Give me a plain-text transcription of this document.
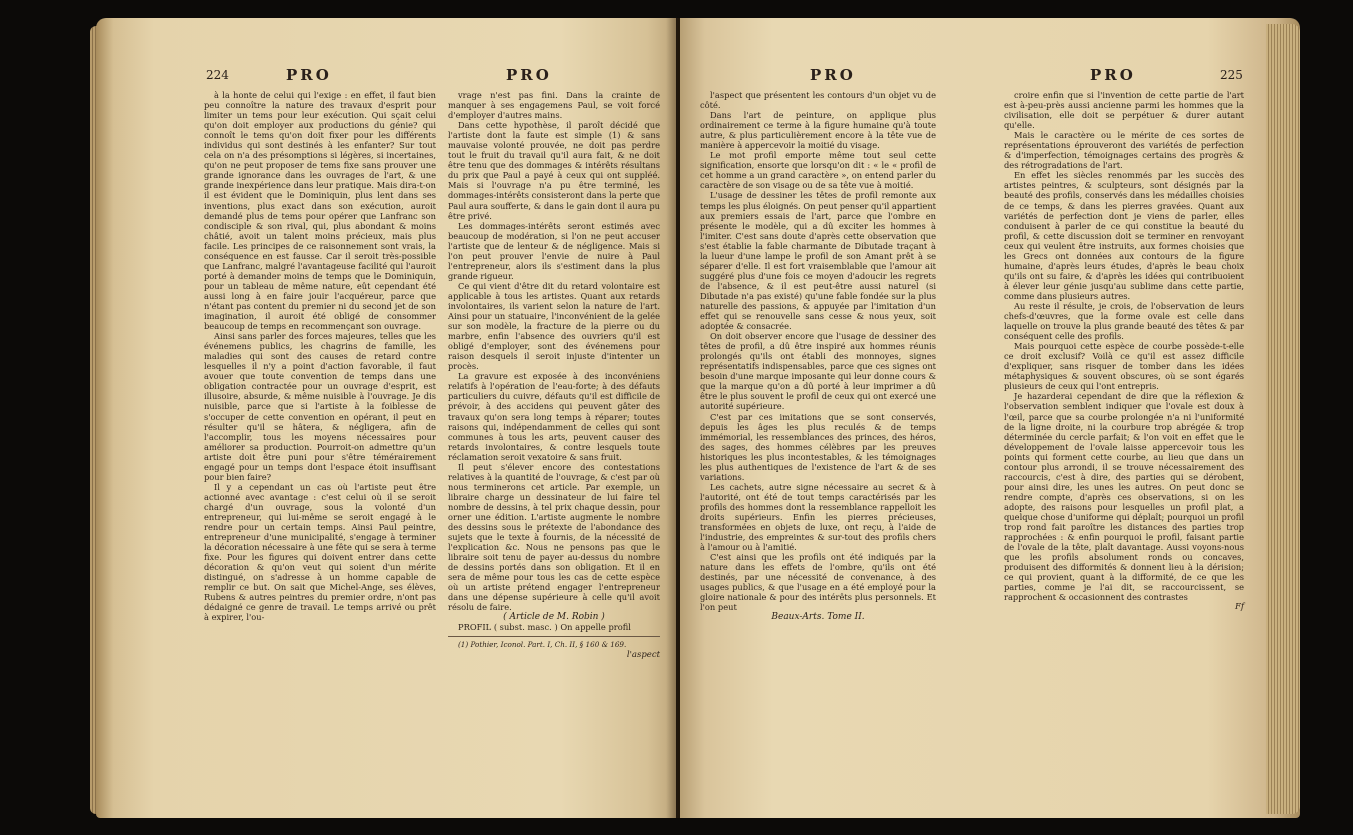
224	PRO	PRO

à la honte de celui qui l'exige : en effet, il faut bien peu connoître la nature des travaux d'esprit pour limiter un tems pour leur exécution. Qui sçait celui qu'on doit employer aux productions du génie? qui connoît le tems qu'on doit fixer pour les différents individus qui sont destinés à les enfanter? Sur tout cela on n'a des présomptions si légères, si incertaines, qu'on ne peut proposer de tems fixe sans prouver une grande ignorance dans les ouvrages de l'art, & une grande inexpérience dans leur pratique. Mais dira-t-on il est évident que le Dominiquin, plus lent dans ses inventions, plus exact dans son exécution, auroit demandé plus de tems pour opérer que Lanfranc son condisciple & son rival, qui, plus abondant & moins châtié, avoit un talent moins précieux, mais plus facile. Les principes de ce raisonnement sont vrais, la conséquence en est fausse. Car il seroit très-possible que Lanfranc, malgré l'avantageuse facilité qui l'auroit porté à demander moins de temps que le Dominiquin, pour un tableau de même nature, eût cependant été aussi long à en faire jouir l'acquéreur, parce que n'étant pas content du premier ni du second jet de son imagination, il auroit été obligé de consommer beaucoup de temps en recommençant son ouvrage.

Ainsi sans parler des forces majeures, telles que les événemens publics, les chagrins de famille, les maladies qui sont des causes de retard contre lesquelles il n'y a point d'action favorable, il faut avouer que toute convention de temps dans une obligation contractée pour un ouvrage d'esprit, est illusoire, absurde, & même nuisible à l'ouvrage. Je dis nuisible, parce que si l'artiste à la foiblesse de s'occuper de cette convention en opérant, il peut en résulter qu'il se hâtera, & négligera, afin de l'accomplir, tous les moyens nécessaires pour améliorer sa production. Pourroit-on admettre qu'un artiste doit être puni pour s'être témérairement engagé pour un temps dont l'espace étoit insuffisant pour bien faire?

Il y a cependant un cas où l'artiste peut être actionné avec avantage : c'est celui où il se seroit chargé d'un ouvrage, sous la volonté d'un entrepreneur, qui lui-même se seroit engagé à le rendre pour un certain temps. Ainsi Paul peintre, entrepreneur d'une municipalité, s'engage à terminer la décoration nécessaire à une fête qui se sera à terme fixe. Pour les figures qui doivent entrer dans cette décoration & qu'on veut qui soient d'un mérite distingué, on s'adresse à un homme capable de remplir ce but. On sait que Michel-Ange, ses élèves, Rubens & autres peintres du premier ordre, n'ont pas dédaigné ce genre de travail. Le temps arrivé ou prêt à expirer, l'ou-

vrage n'est pas fini. Dans la crainte de manquer à ses engagemens Paul, se voit forcé d'employer d'autres mains.

Dans cette hypothèse, il paroît décidé que l'artiste dont la faute est simple (1) & sans mauvaise volonté prouvée, ne doit pas perdre tout le fruit du travail qu'il aura fait, & ne doit être tenu que des dommages & intérêts résultans du prix que Paul a payé à ceux qui ont suppléé. Mais si l'ouvrage n'a pu être terminé, les dommages-intérêts consisteront dans la perte que Paul aura soufferte, & dans le gain dont il aura pu être privé.

Les dommages-intérêts seront estimés avec beaucoup de modération, si l'on ne peut accuser l'artiste que de lenteur & de négligence. Mais si l'on peut prouver l'envie de nuire à Paul l'entrepreneur, alors ils s'estiment dans la plus grande rigueur.

Ce qui vient d'être dit du retard volontaire est applicable à tous les artistes. Quant aux retards involontaires, ils varient selon la nature de l'art. Ainsi pour un statuaire, l'inconvénient de la gelée sur son modèle, la fracture de la pierre ou du marbre, enfin l'absence des ouvriers qu'il est obligé d'employer, sont des événemens pour raison desquels il seroit injuste d'intenter un procès.

La gravure est exposée à des inconvéniens relatifs à l'opération de l'eau-forte; à des défauts particuliers du cuivre, défauts qu'il est difficile de prévoir, à des accidens qui peuvent gâter des travaux qu'on sera long temps à réparer; toutes raisons qui, indépendamment de celles qui sont communes à tous les arts, peuvent causer des retards involontaires, & contre lesquels toute réclamation seroit vexatoire & sans fruit.

Il peut s'élever encore des contestations relatives à la quantité de l'ouvrage, & c'est par où nous terminerons cet article. Par exemple, un libraire charge un dessinateur de lui faire tel nombre de dessins, à tel prix chaque dessin, pour orner une édition. L'artiste augmente le nombre des dessins sous le prétexte de l'abondance des sujets que le texte à fournis, de la nécessité de l'explication &c. Nous ne pensons pas que le libraire soit tenu de payer au-dessus du nombre de dessins portés dans son obligation. Et il en sera de même pour tous les cas de cette espèce où un artiste prétend engager l'entrepreneur dans une dépense supérieure à celle qu'il avoit résolu de faire.

( Article de M. Robin )

PROFIL ( subst. masc. ) On appelle profil

(1) Pothier, Iconol. Part. I, Ch. II, § 160 & 169.

l'aspect

PRO	PRO	225

l'aspect que présentent les contours d'un objet vu de côté.

Dans l'art de peinture, on applique plus ordinairement ce terme à la figure humaine qu'à toute autre, & plus particulièrement encore à la tête vue de manière à appercevoir la moitié du visage.

Le mot profil emporte même tout seul cette signification, ensorte que lorsqu'on dit : « le « profil de cet homme a un grand caractère », on entend parler du caractère de son visage ou de sa tête vue à moitié.

L'usage de dessiner les têtes de profil remonte aux temps les plus éloignés. On peut penser qu'il appartient aux premiers essais de l'art, parce que l'ombre en présente le modèle, qui a dû exciter les hommes à l'imiter. C'est sans doute d'après cette observation que s'est établie la fable charmante de Dibutade traçant à la lueur d'une lampe le profil de son Amant prêt à se séparer d'elle. Il est fort vraisemblable que l'amour ait suggéré plus d'une fois ce moyen d'adoucir les regrets de l'absence, & il est peut-être aussi naturel (si Dibutade n'a pas existé) qu'une fable fondée sur la plus naturelle des passions, & appuyée par l'imitation d'un effet qui se renouvelle sans cesse & nous yeux, soit adoptée & consacrée.

On doit observer encore que l'usage de dessiner des têtes de profil, a dû être inspiré aux hommes réunis prolongés qu'ils ont établi des monnoyes, signes représentatifs indispensables, parce que ces signes ont besoin d'une marque imposante qui leur donne cours & que la marque qu'on a dû porté à leur imprimer a dû être le plus souvent le profil de ceux qui ont exercé une autorité supérieure.

C'est par ces imitations que se sont conservés, depuis les âges les plus reculés & de temps immémorial, les ressemblances des princes, des héros, des sages, des hommes célèbres par les preuves historiques les plus incontestables, & les témoignages les plus authentiques de l'existence de l'art & de ses variations.

Les cachets, autre signe nécessaire au secret & à l'autorité, ont été de tout temps caractérisés par les profils des hommes dont la ressemblance rappelloit les droits supérieurs. Enfin les pierres précieuses, transformées en objets de luxe, ont reçu, à l'aide de l'industrie, des empreintes & sur-tout des profils chers à l'amour ou à l'amitié.

C'est ainsi que les profils ont été indiqués par la nature dans les effets de l'ombre, qu'ils ont été destinés, par une nécessité de convenance, à des usages publics, & que l'usage en a été employé pour la gloire nationale & pour des intérêts plus personnels. Et l'on peut

Beaux-Arts. Tome II.

croire enfin que si l'invention de cette partie de l'art est à-peu-près aussi ancienne parmi les hommes que la civilisation, elle doit se perpétuer & durer autant qu'elle.

Mais le caractère ou le mérite de ces sortes de représentations éprouveront des variétés de perfection & d'imperfection, témoignages certains des progrès & des rétrogradations de l'art.

En effet les siècles renommés par les succès des artistes peintres, & sculpteurs, sont désignés par la beauté des profils, conservés dans les médailles choisies de ce temps, & dans les pierres gravées. Quant aux variétés de perfection dont je viens de parler, elles conduisent à parler de ce qui constitue la beauté du profil, & cette discussion doit se terminer en renvoyant ceux qui veulent être instruits, aux formes choisies que les Grecs ont données aux contours de la figure humaine, d'après leurs études, d'après le beau choix qu'ils ont su faire, & d'après les idées qui contribuoient à élever leur génie jusqu'au sublime dans cette partie, comme dans plusieurs autres.

Au reste il résulte, je crois, de l'observation de leurs chefs-d'œuvres, que la forme ovale est celle dans laquelle on trouve la plus grande beauté des têtes & par conséquent celle des profils.

Mais pourquoi cette espèce de courbe possède-t-elle ce droit exclusif? Voilà ce qu'il est assez difficile d'expliquer, sans risquer de tomber dans les idées métaphysiques & souvent obscures, où se sont égarés plusieurs de ceux qui l'ont entrepris.

Je hazarderai cependant de dire que la réflexion & l'observation semblent indiquer que l'ovale est doux à l'œil, parce que sa courbe prolongée n'a ni l'uniformité de la ligne droite, ni la courbure trop abrégée & trop déterminée du cercle parfait; & l'on voit en effet que le développement de l'ovale laisse appercevoir tous les points qui forment cette courbe, au lieu que dans un contour plus arrondi, il se trouve nécessairement des raccourcis, c'est à dire, des parties qui se dérobent, pour ainsi dire, les unes les autres. On peut donc se rendre compte, d'après ces observations, si on les adopte, des raisons pour lesquelles un profil plat, a quelque chose d'uniforme qui déplaît; pourquoi un profil trop rond fait paroître les distances des parties trop rapprochées : & enfin pourquoi le profil, faisant partie de l'ovale de la tête, plaît davantage. Aussi voyons-nous que les profils absolument ronds ou concaves, produisent des difformités & donnent lieu à la dérision; ce qui provient, quant à la difformité, de ce que les parties, comme je l'ai dit, se raccourcissent, se rapprochent & occasionnent des contrastes

Ff
